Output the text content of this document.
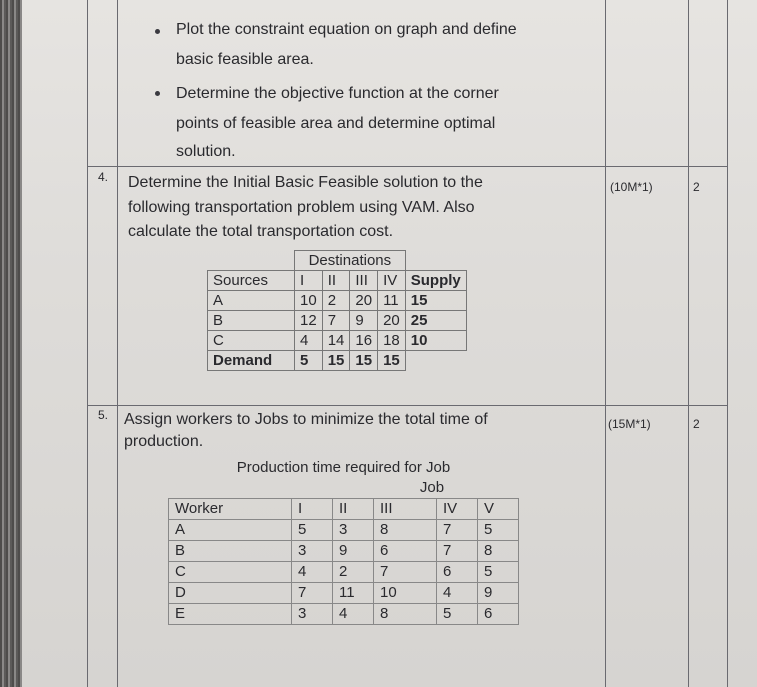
Plot the constraint equation on graph and define
basic feasible area.
Determine the objective function at the corner
points of feasible area and determine optimal
solution.
4. Determine the Initial Basic Feasible solution to the
following transportation problem using VAM. Also
calculate the total transportation cost.
(10M*1)	2
	Destinations				
Sources	I	II	III	IV	Supply
A	10	2	20	11	15
B	12	7	9	20	25
C	4	14	16	18	10
Demand	5	15	15	15	
5. Assign workers to Jobs to minimize the total time of
production.
(15M*1)	2
Production time required for Job					
	Job				
Worker	I	II	III	IV	V
A	5	3	8	7	5
B	3	9	6	7	8
C	4	2	7	6	5
D	7	11	10	4	9
E	3	4	8	5	6
